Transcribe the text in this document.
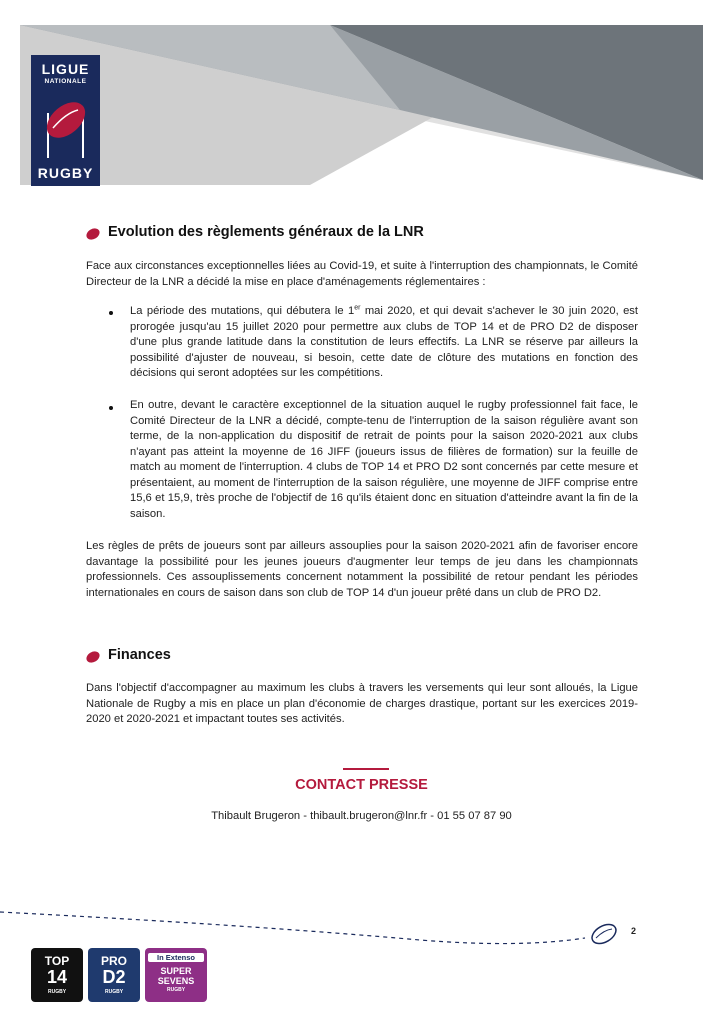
LIGUE
NATIONALE
RUGBY
Evolution des règlements généraux de la LNR

Face aux circonstances exceptionnelles liées au Covid-19, et suite à l'interruption des championnats, le Comité Directeur de la LNR a décidé la mise en place d'aménagements réglementaires :

La période des mutations, qui débutera le 1er mai 2020, et qui devait s'achever le 30 juin 2020, est prorogée jusqu'au 15 juillet 2020 pour permettre aux clubs de TOP 14 et de PRO D2 de disposer d'une plus grande latitude dans la constitution de leurs effectifs. La LNR se réserve par ailleurs la possibilité d'ajuster de nouveau, si besoin, cette date de clôture des mutations en fonction des décisions qui seront adoptées sur les compétitions.

En outre, devant le caractère exceptionnel de la situation auquel le rugby professionnel fait face, le Comité Directeur de la LNR a décidé, compte-tenu de l'interruption de la saison régulière avant son terme, de la non-application du dispositif de retrait de points pour la saison 2020-2021 aux clubs n'ayant pas atteint la moyenne de 16 JIFF (joueurs issus de filières de formation) sur la feuille de match au moment de l'interruption. 4 clubs de TOP 14 et PRO D2 sont concernés par cette mesure et présentaient, au moment de l'interruption de la saison régulière, une moyenne de JIFF comprise entre 15,6 et 15,9, très proche de l'objectif de 16 qu'ils étaient donc en situation d'atteindre avant la fin de la saison.

Les règles de prêts de joueurs sont par ailleurs assouplies pour la saison 2020-2021 afin de favoriser encore davantage la possibilité pour les jeunes joueurs d'augmenter leur temps de jeu dans les championnats professionnels. Ces assouplissements concernent notamment la possibilité de retour pendant les périodes internationales en cours de saison dans son club de TOP 14 d'un joueur prêté dans un club de PRO D2.

Finances

Dans l'objectif d'accompagner au maximum les clubs à travers les versements qui leur sont alloués, la Ligue Nationale de Rugby a mis en place un plan d'économie de charges drastique, portant sur les exercices 2019-2020 et 2020-2021 et impactant toutes ses activités.

CONTACT PRESSE
Thibault Brugeron - thibault.brugeron@lnr.fr - 01 55 07 87 90
2
TOP
14
RUGBY
PRO
D2
RUGBY
In Extenso
SUPER
SEVENS
RUGBY
